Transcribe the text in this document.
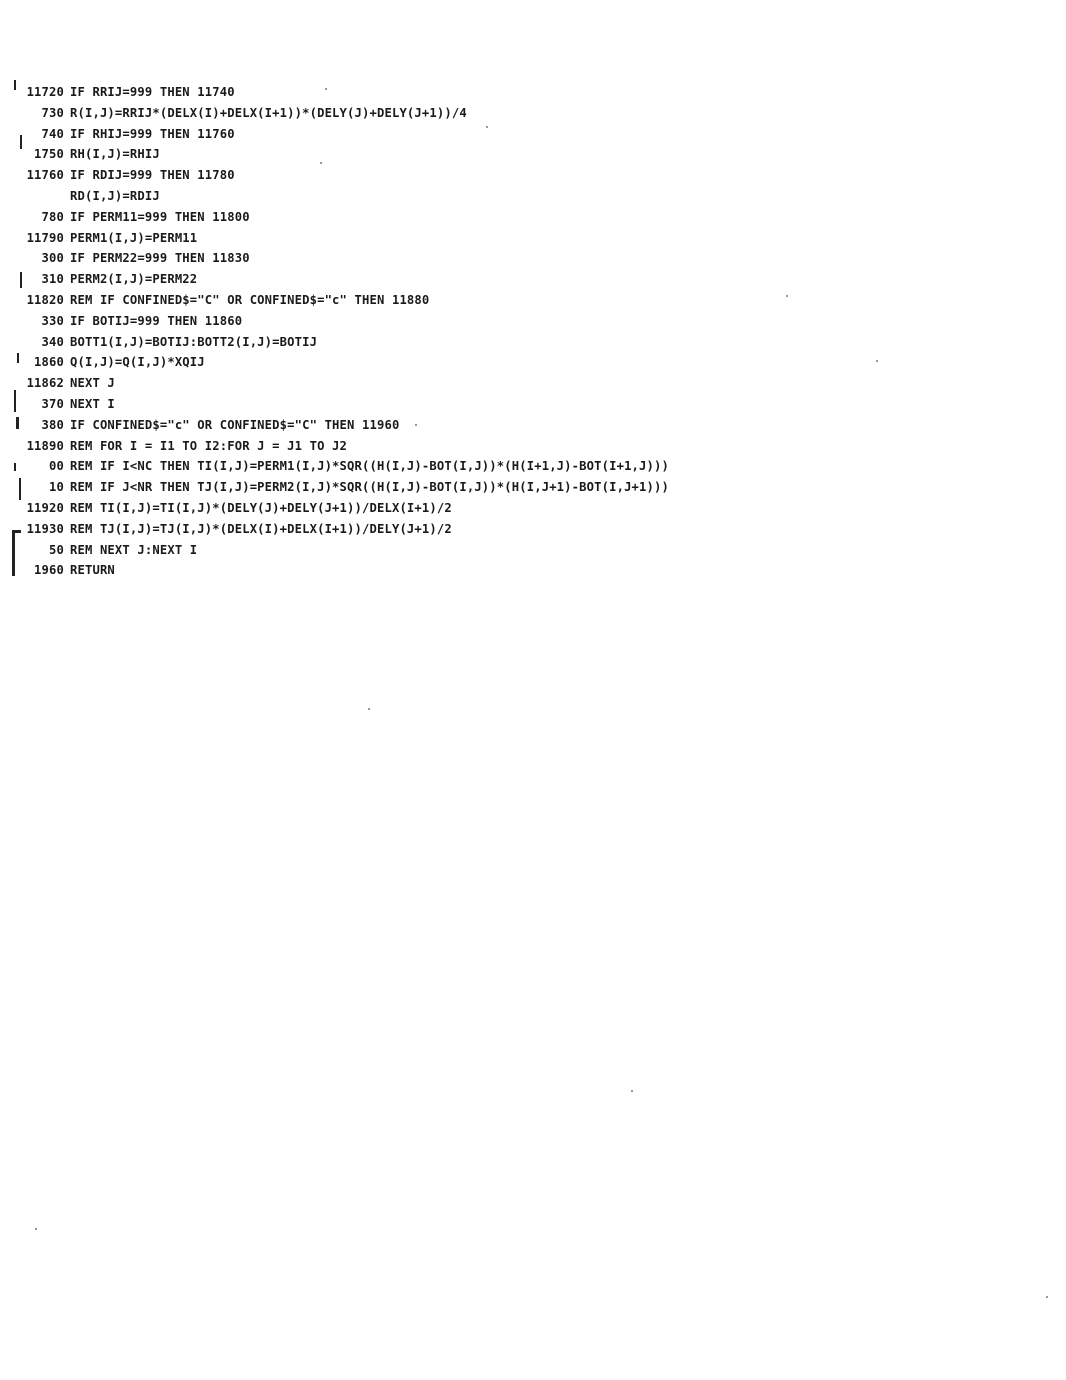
11720 IF RRIJ=999 THEN 11740
730 R(I,J)=RRIJ*(DELX(I)+DELX(I+1))*(DELY(J)+DELY(J+1))/4
740 IF RHIJ=999 THEN 11760
1750 RH(I,J)=RHIJ
11760 IF RDIJ=999 THEN 11780
RD(I,J)=RDIJ
780 IF PERM11=999 THEN 11800
11790 PERM1(I,J)=PERM11
300 IF PERM22=999 THEN 11830
310 PERM2(I,J)=PERM22
11820 REM IF CONFINED$="C" OR CONFINED$="c" THEN 11880
330 IF BOTIJ=999 THEN 11860
340 BOTT1(I,J)=BOTIJ:BOTT2(I,J)=BOTIJ
1860 Q(I,J)=Q(I,J)*XQIJ
11862 NEXT J
370 NEXT I
380 IF CONFINED$="c" OR CONFINED$="C" THEN 11960
11890 REM FOR I = I1 TO I2:FOR J = J1 TO J2
00 REM IF I<NC THEN TI(I,J)=PERM1(I,J)*SQR((H(I,J)-BOT(I,J))*(H(I+1,J)-BOT(I+1,J)))
10 REM IF J<NR THEN TJ(I,J)=PERM2(I,J)*SQR((H(I,J)-BOT(I,J))*(H(I,J+1)-BOT(I,J+1)))
11920 REM TI(I,J)=TI(I,J)*(DELY(J)+DELY(J+1))/DELX(I+1)/2
11930 REM TJ(I,J)=TJ(I,J)*(DELX(I)+DELX(I+1))/DELY(J+1)/2
50 REM NEXT J:NEXT I
1960 RETURN
